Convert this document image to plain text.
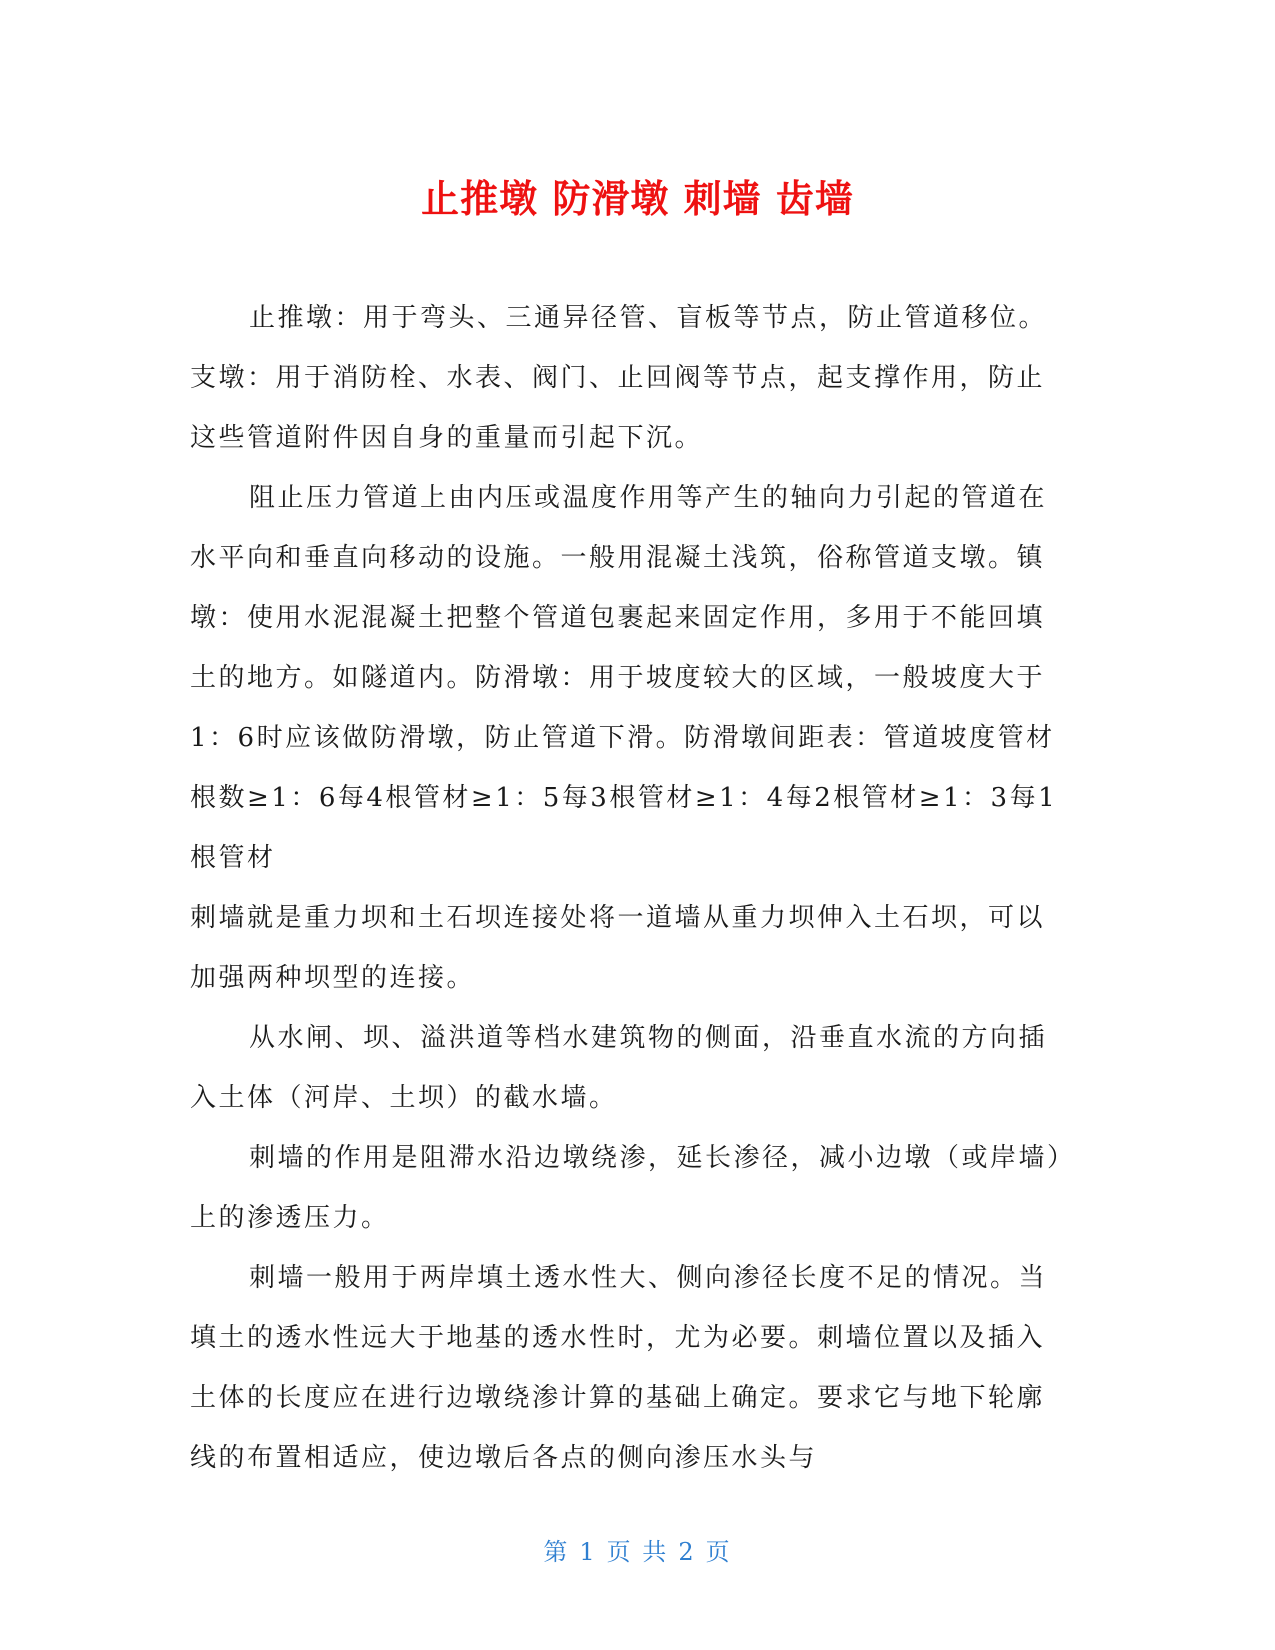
止推墩 防滑墩 刺墙 齿墙

止推墩：用于弯头、三通异径管、盲板等节点，防止管道移位。支墩：用于消防栓、水表、阀门、止回阀等节点，起支撑作用，防止这些管道附件因自身的重量而引起下沉。

阻止压力管道上由内压或温度作用等产生的轴向力引起的管道在水平向和垂直向移动的设施。一般用混凝土浅筑，俗称管道支墩。镇墩：使用水泥混凝土把整个管道包裹起来固定作用，多用于不能回填土的地方。如隧道内。防滑墩：用于坡度较大的区域，一般坡度大于1：6时应该做防滑墩，防止管道下滑。防滑墩间距表：管道坡度管材根数≥1：6每4根管材≥1：5每3根管材≥1：4每2根管材≥1：3每1根管材

刺墙就是重力坝和土石坝连接处将一道墙从重力坝伸入土石坝，可以加强两种坝型的连接。

从水闸、坝、溢洪道等档水建筑物的侧面，沿垂直水流的方向插入土体（河岸、土坝）的截水墙。

刺墙的作用是阻滞水沿边墩绕渗，延长渗径，减小边墩（或岸墙）上的渗透压力。

刺墙一般用于两岸填土透水性大、侧向渗径长度不足的情况。当填土的透水性远大于地基的透水性时，尤为必要。刺墙位置以及插入土体的长度应在进行边墩绕渗计算的基础上确定。要求它与地下轮廓线的布置相适应，使边墩后各点的侧向渗压水头与

第 1 页 共 2 页
